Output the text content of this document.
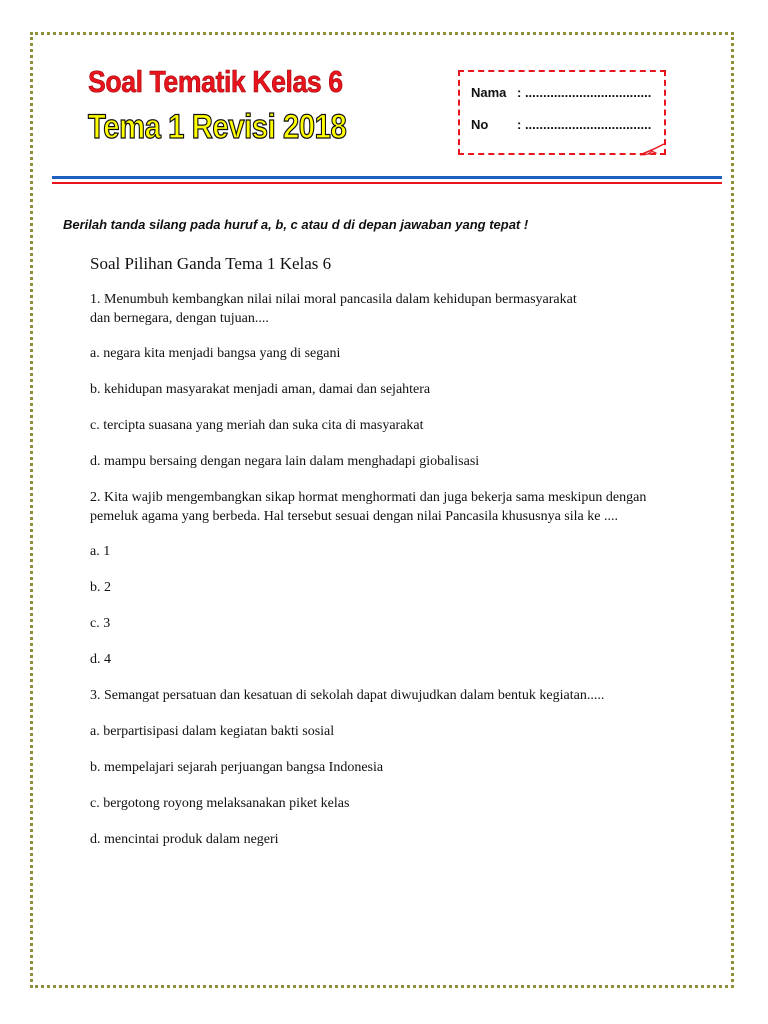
Soal Tematik Kelas 6
Tema 1 Revisi 2018
Nama : ...................................
No : ...................................

Berilah tanda silang pada huruf a, b, c atau d di depan jawaban yang tepat !

Soal Pilihan Ganda Tema 1 Kelas 6

1. Menumbuh kembangkan nilai nilai moral pancasila dalam kehidupan bermasyarakat

dan bernegara, dengan tujuan....

a. negara kita menjadi bangsa yang di segani

b. kehidupan masyarakat menjadi aman, damai dan sejahtera

c. tercipta suasana yang meriah dan suka cita di masyarakat

d. mampu bersaing dengan negara lain dalam menghadapi giobalisasi

2. Kita wajib mengembangkan sikap hormat menghormati dan juga bekerja sama meskipun dengan

pemeluk agama yang berbeda. Hal tersebut sesuai dengan nilai Pancasila khususnya sila ke ....

a. 1

b. 2

c. 3

d. 4

3. Semangat persatuan dan kesatuan di sekolah dapat diwujudkan dalam bentuk kegiatan.....

a. berpartisipasi dalam kegiatan bakti sosial

b. mempelajari sejarah perjuangan bangsa Indonesia

c. bergotong royong melaksanakan piket kelas

d. mencintai produk dalam negeri
